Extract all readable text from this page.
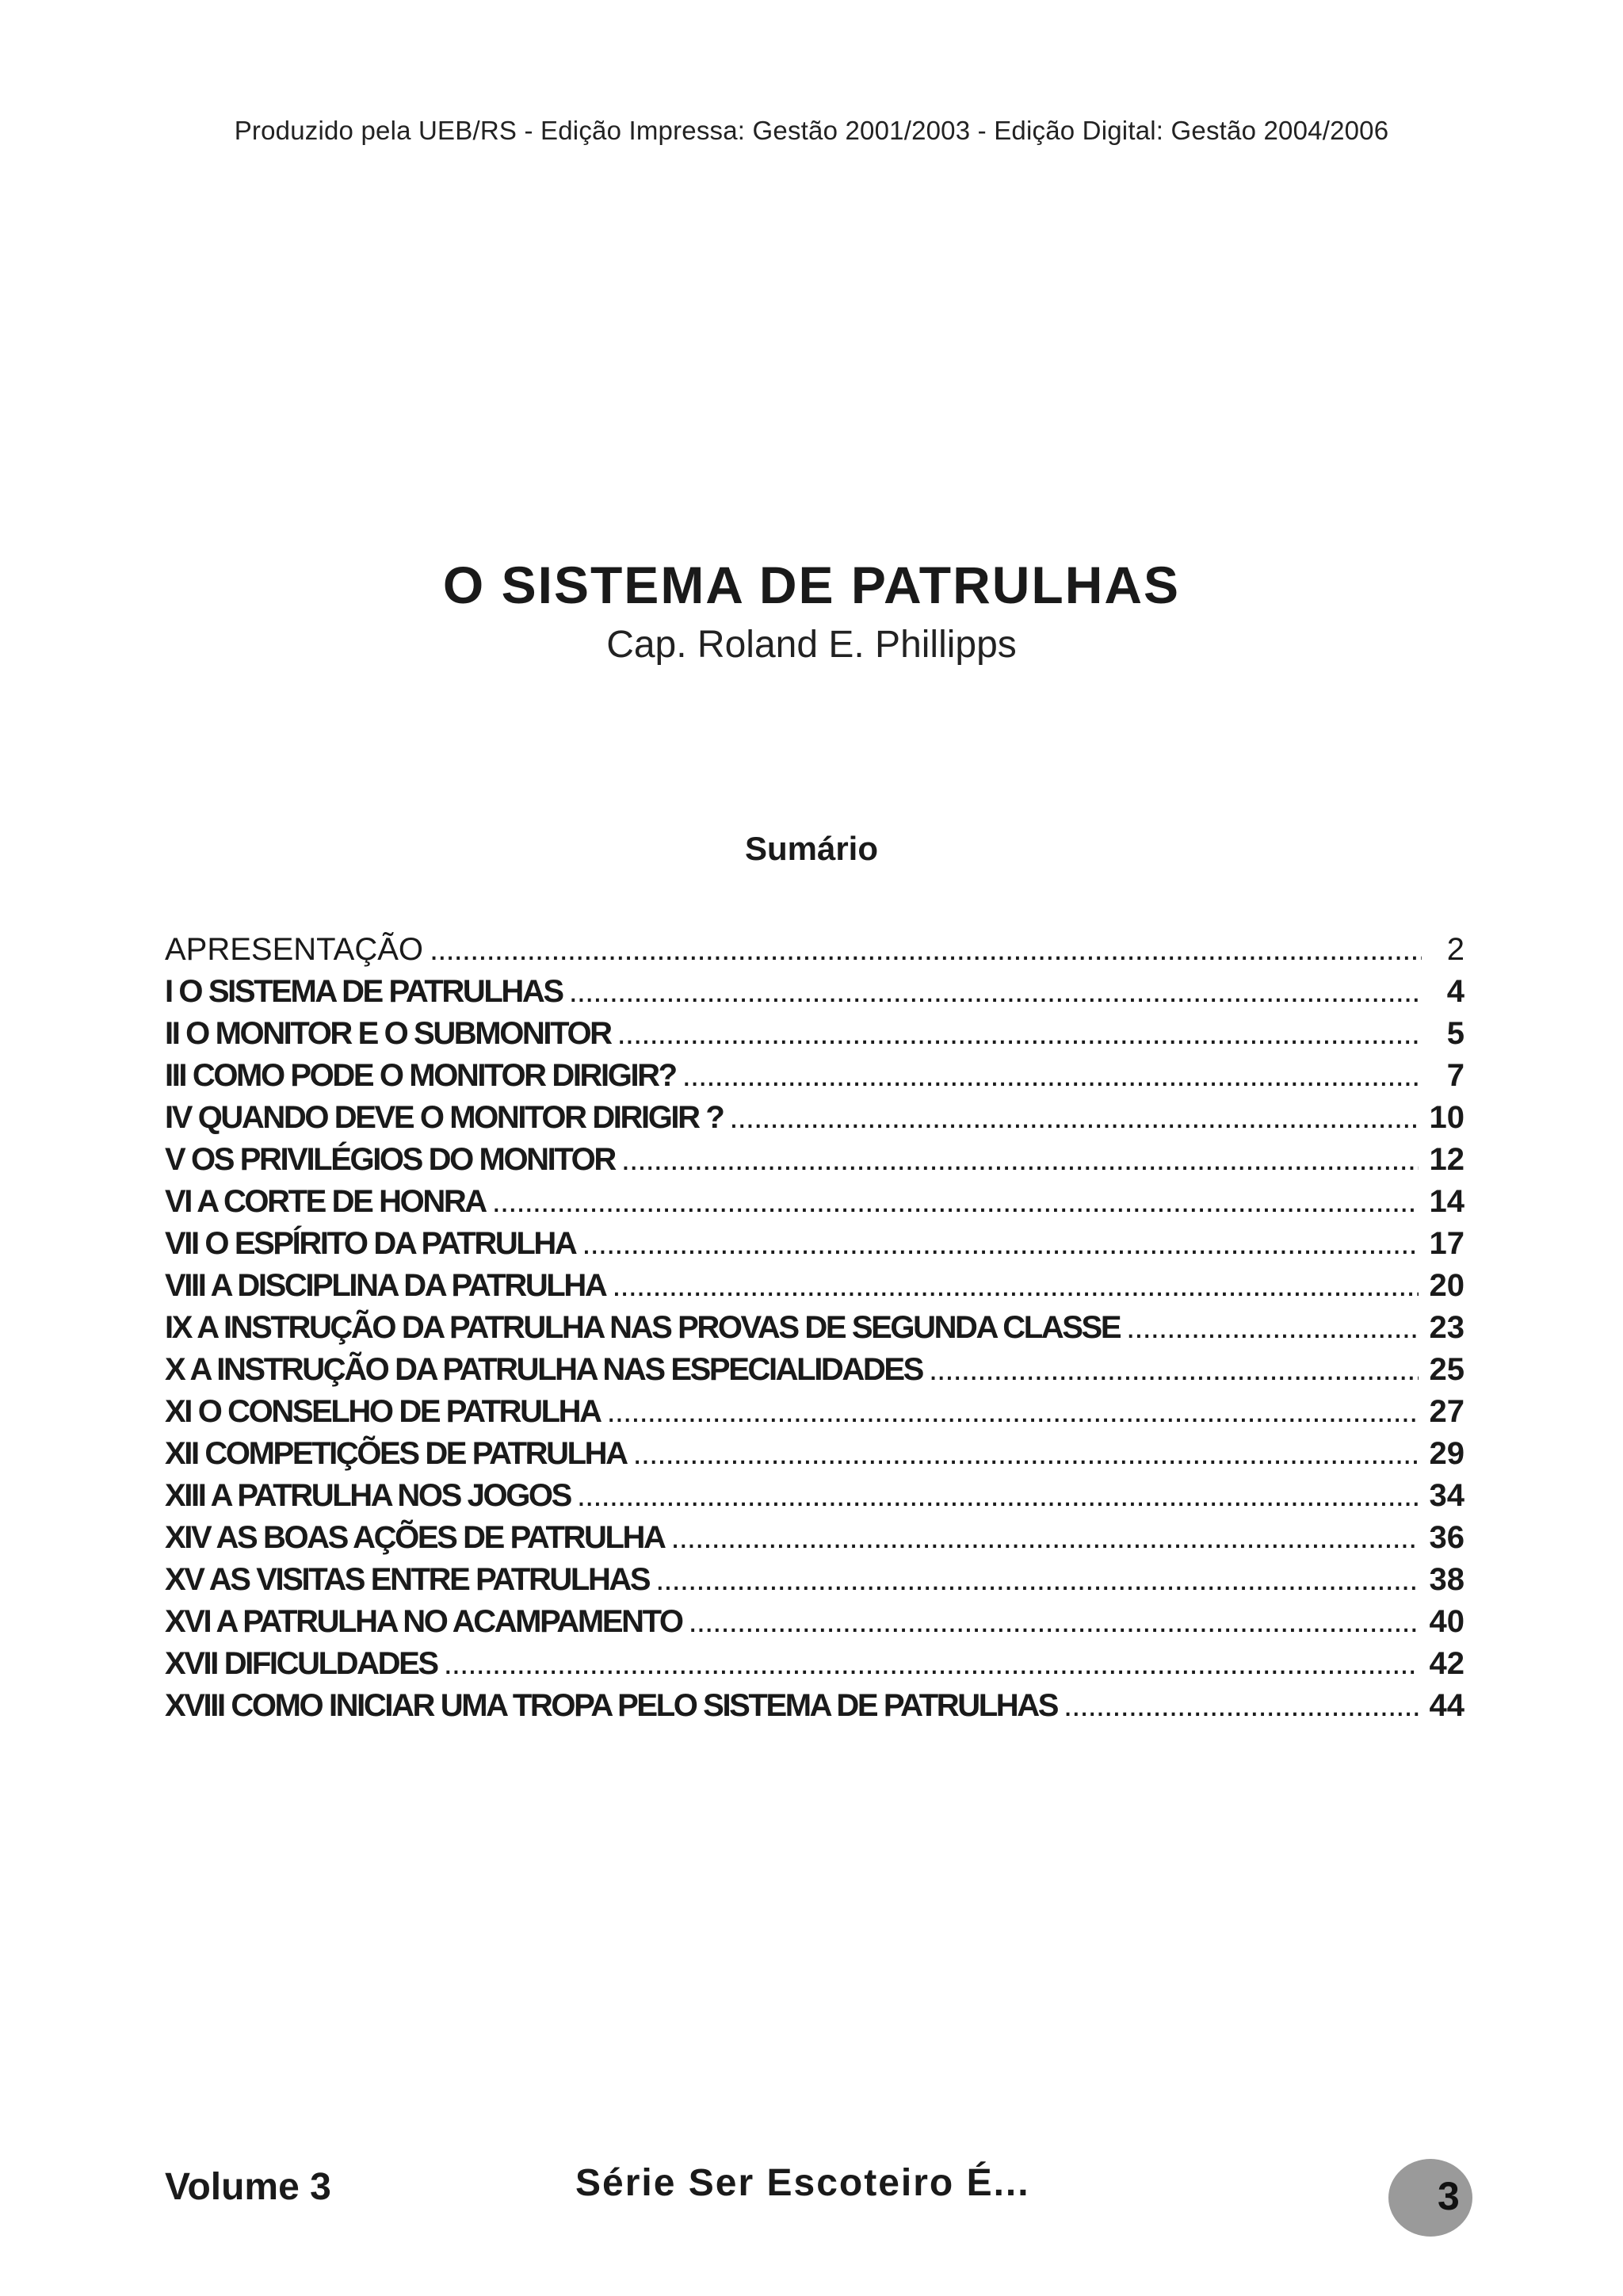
Produzido pela UEB/RS - Edição Impressa: Gestão 2001/2003 - Edição Digital: Gestão 2004/2006
O SISTEMA DE PATRULHAS
Cap. Roland E. Phillipps
Sumário
APRESENTAÇÃO . . .	2
I O SISTEMA DE PATRULHAS . . .	4
II O MONITOR E O SUBMONITOR . . .	5
III COMO PODE O MONITOR DIRIGIR? . . .	7
IV QUANDO DEVE O MONITOR DIRIGIR ? . . .	10
V OS PRIVILÉGIOS DO MONITOR . . .	12
VI A CORTE DE HONRA . . .	14
VII O ESPÍRITO DA PATRULHA . . .	17
VIII A DISCIPLINA DA PATRULHA . . .	20
IX A INSTRUÇÃO DA PATRULHA NAS PROVAS DE SEGUNDA CLASSE . . .	23
X A INSTRUÇÃO DA PATRULHA NAS ESPECIALIDADES . . .	25
XI O CONSELHO DE PATRULHA . . .	27
XII COMPETIÇÕES DE PATRULHA . . .	29
XIII A PATRULHA NOS JOGOS . . .	34
XIV AS BOAS AÇÕES DE PATRULHA . . .	36
XV AS VISITAS ENTRE PATRULHAS . . .	38
XVI A PATRULHA NO ACAMPAMENTO . . .	40
XVII DIFICULDADES . . .	42
XVIII COMO INICIAR UMA TROPA PELO SISTEMA DE PATRULHAS . . .	44
Volume 3	Série Ser Escoteiro É...	3
